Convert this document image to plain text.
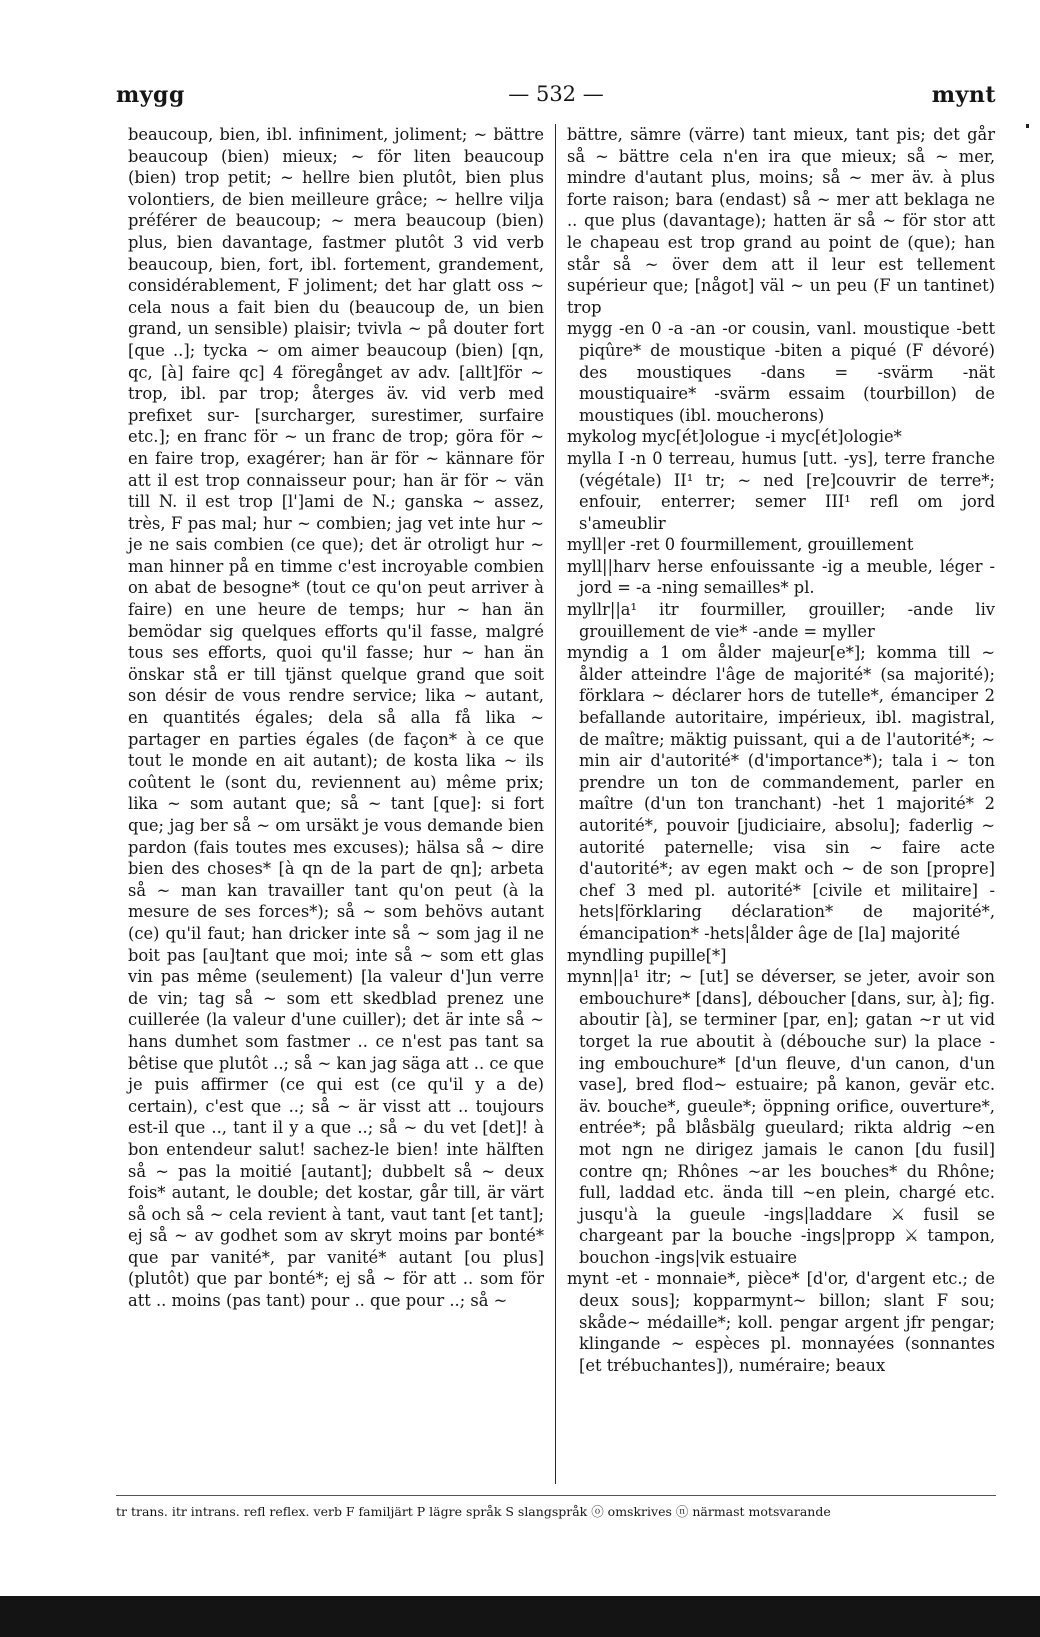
mygg	— 532 —	mynt

beaucoup, bien, ibl. infiniment, joliment; ~ bättre beaucoup (bien) mieux; ~ för liten beaucoup (bien) trop petit; ~ hellre bien plutôt, bien plus volontiers, de bien meilleure grâce; ~ hellre vilja préférer de beaucoup; ~ mera beaucoup (bien) plus, bien davantage, fastmer plutôt 3 vid verb beaucoup, bien, fort, ibl. fortement, grandement, considérablement, F joliment; det har glatt oss ~ cela nous a fait bien du (beaucoup de, un bien grand, un sensible) plaisir; tvivla ~ på douter fort [que ..]; tycka ~ om aimer beaucoup (bien) [qn, qc, [à] faire qc] 4 föregånget av adv. [allt]för ~ trop, ibl. par trop; återges äv. vid verb med prefixet sur- [surcharger, surestimer, surfaire etc.]; en franc för ~ un franc de trop; göra för ~ en faire trop, exagérer; han är för ~ kännare för att il est trop connaisseur pour; han är för ~ vän till N. il est trop [l']ami de N.; ganska ~ assez, très, F pas mal; hur ~ combien; jag vet inte hur ~ je ne sais combien (ce que); det är otroligt hur ~ man hinner på en timme c'est incroyable combien on abat de besogne* (tout ce qu'on peut arriver à faire) en une heure de temps; hur ~ han än bemödar sig quelques efforts qu'il fasse, malgré tous ses efforts, quoi qu'il fasse; hur ~ han än önskar stå er till tjänst quelque grand que soit son désir de vous rendre service; lika ~ autant, en quantités égales; dela så alla få lika ~ partager en parties égales (de façon* à ce que tout le monde en ait autant); de kosta lika ~ ils coûtent le (sont du, reviennent au) même prix; lika ~ som autant que; så ~ tant [que]: si fort que; jag ber så ~ om ursäkt je vous demande bien pardon (fais toutes mes excuses); hälsa så ~ dire bien des choses* [à qn de la part de qn]; arbeta så ~ man kan travailler tant qu'on peut (à la mesure de ses forces*); så ~ som behövs autant (ce) qu'il faut; han dricker inte så ~ som jag il ne boit pas [au]tant que moi; inte så ~ som ett glas vin pas même (seulement) [la valeur d']un verre de vin; tag så ~ som ett skedblad prenez une cuillerée (la valeur d'une cuiller); det är inte så ~ hans dumhet som fastmer .. ce n'est pas tant sa bêtise que plutôt ..; så ~ kan jag säga att .. ce que je puis affirmer (ce qui est (ce qu'il y a de) certain), c'est que ..; så ~ är visst att .. toujours est-il que .., tant il y a que ..; så ~ du vet [det]! à bon entendeur salut! sachez-le bien! inte hälften så ~ pas la moitié [autant]; dubbelt så ~ deux fois* autant, le double; det kostar, går till, är värt så och så ~ cela revient à tant, vaut tant [et tant]; ej så ~ av godhet som av skryt moins par bonté* que par vanité*, par vanité* autant [ou plus] (plutôt) que par bonté*; ej så ~ för att .. som för att .. moins (pas tant) pour .. que pour ..; så ~

bättre, sämre (värre) tant mieux, tant pis; det går så ~ bättre cela n'en ira que mieux; så ~ mer, mindre d'autant plus, moins; så ~ mer äv. à plus forte raison; bara (endast) så ~ mer att beklaga ne .. que plus (davantage); hatten är så ~ för stor att le chapeau est trop grand au point de (que); han står så ~ över dem att il leur est tellement supérieur que; [något] väl ~ un peu (F un tantinet) trop

mygg -en 0 -a -an -or cousin, vanl. moustique -bett piqûre* de moustique -biten a piqué (F dévoré) des moustiques -dans = -svärm -nät moustiquaire* -svärm essaim (tourbillon) de moustiques (ibl. moucherons)

mykolog myc[ét]ologue -i myc[ét]ologie*

mylla I -n 0 terreau, humus [utt. -ys], terre franche (végétale) II¹ tr; ~ ned [re]couvrir de terre*; enfouir, enterrer; semer III¹ refl om jord s'ameublir

myll|er -ret 0 fourmillement, grouillement

myll||harv herse enfouissante -ig a meuble, léger -jord = -a -ning semailles* pl.

myllr||a¹ itr fourmiller, grouiller; -ande liv grouillement de vie* -ande = myller

myndig a 1 om ålder majeur[e*]; komma till ~ ålder atteindre l'âge de majorité* (sa majorité); förklara ~ déclarer hors de tutelle*, émanciper 2 befallande autoritaire, impérieux, ibl. magistral, de maître; mäktig puissant, qui a de l'autorité*; ~ min air d'autorité* (d'importance*); tala i ~ ton prendre un ton de commandement, parler en maître (d'un ton tranchant) -het 1 majorité* 2 autorité*, pouvoir [judiciaire, absolu]; faderlig ~ autorité paternelle; visa sin ~ faire acte d'autorité*; av egen makt och ~ de son [propre] chef 3 med pl. autorité* [civile et militaire] -hets|förklaring déclaration* de majorité*, émancipation* -hets|ålder âge de [la] majorité

myndling pupille[*]

mynn||a¹ itr; ~ [ut] se déverser, se jeter, avoir son embouchure* [dans], déboucher [dans, sur, à]; fig. aboutir [à], se terminer [par, en]; gatan ~r ut vid torget la rue aboutit à (débouche sur) la place -ing embouchure* [d'un fleuve, d'un canon, d'un vase], bred flod~ estuaire; på kanon, gevär etc. äv. bouche*, gueule*; öppning orifice, ouverture*, entrée*; på blåsbälg gueulard; rikta aldrig ~en mot ngn ne dirigez jamais le canon [du fusil] contre qn; Rhônes ~ar les bouches* du Rhône; full, laddad etc. ända till ~en plein, chargé etc. jusqu'à la gueule -ings|laddare ⚔ fusil se chargeant par la bouche -ings|propp ⚔ tampon, bouchon -ings|vik estuaire

mynt -et - monnaie*, pièce* [d'or, d'argent etc.; de deux sous]; kopparmynt~ billon; slant F sou; skåde~ médaille*; koll. pengar argent jfr pengar; klingande ~ espèces pl. monnayées (sonnantes [et trébuchantes]), numéraire; beaux

tr trans. itr intrans. refl reflex. verb F familjärt P lägre språk S slangspråk ⓞ omskrives ⓝ närmast motsvarande
